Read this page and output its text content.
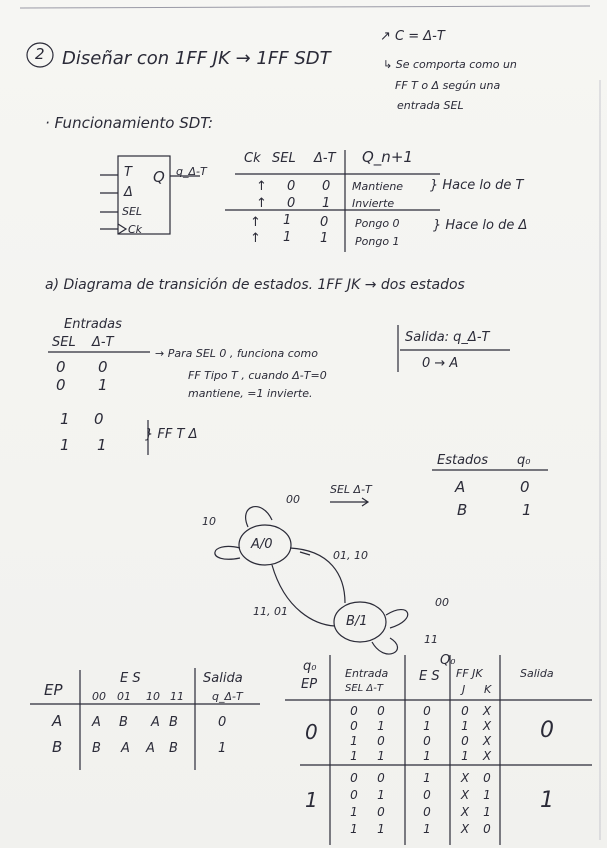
2 Diseñar con 1FF JK → 1FF SDT
↗ C = Δ-T
↳ Se comporta como un
FF T o Δ según una
entrada SEL
· Funcionamiento SDT:
T
Δ
SEL
Ck
Q q_Δ-T
Ck SEL Δ-T Q_n+1
↑ 0 0 Mantiene
↑ 0 1 Invierte
↑ 1 0 Pongo 0
↑ 1 1 Pongo 1
} Hace lo de T
} Hace lo de Δ
a) Diagrama de transición de estados. 1FF JK → dos estados
Entradas
SEL Δ-T
0 0
0 1
1 0
1 1
→ Para SEL 0 , funciona como
FF Tipo T , cuando Δ-T=0
mantiene, =1 invierte.
} FF T Δ
Salida: q_Δ-T
0 → A
Estados q₀
A	0
B	1
SEL Δ-T
A/0
B/1
00
10
01, 10
11, 01
00
11
EP
E S	Salida
00 01 10 11	q_Δ-T
A A B A B	0
B B A A B	1
q₀
EP
Entrada
SEL Δ-T
E S
Q₀
FF JK
J K
Salida
0
1
0
1
0	0	0	0	X
0	1	1	1	X
1	0	0	0	X
1	1	1	1	X
0	0	1	X	0
0	1	0	X	1
1	0	0	X	1
1	1	1	X	0
